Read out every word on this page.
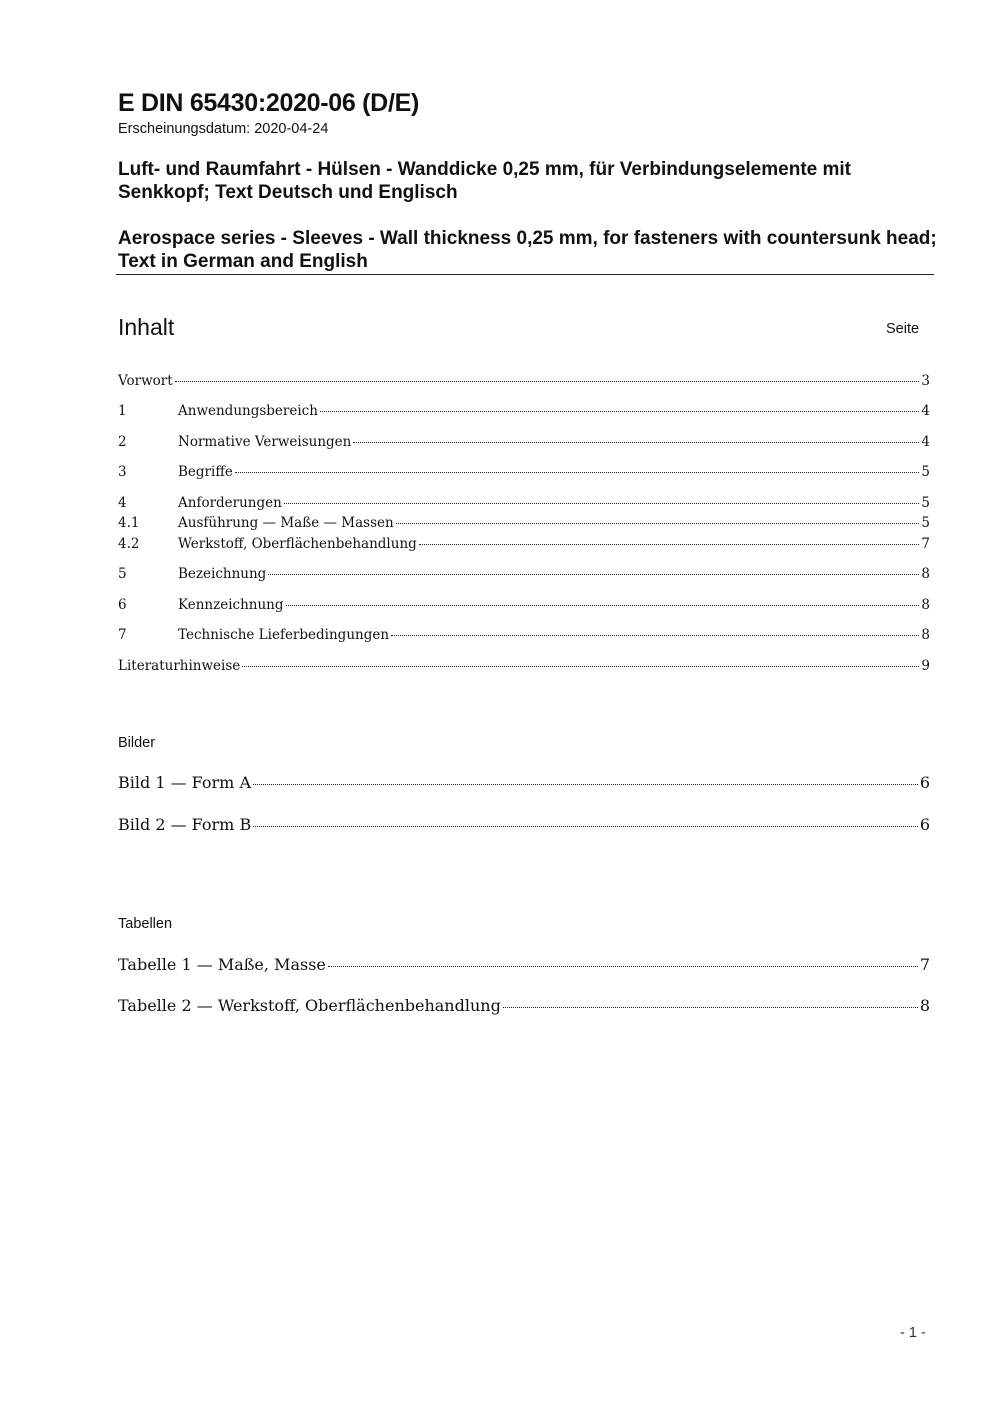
E DIN 65430:2020-06 (D/E)
Erscheinungsdatum: 2020-04-24
Luft- und Raumfahrt - Hülsen - Wanddicke 0,25 mm, für Verbindungselemente mit Senkkopf; Text Deutsch und Englisch
Aerospace series - Sleeves - Wall thickness 0,25 mm, for fasteners with countersunk head; Text in German and English
Inhalt	Seite
Vorwort	3
1	Anwendungsbereich	4
2	Normative Verweisungen	4
3	Begriffe	5
4	Anforderungen	5
4.1	Ausführung — Maße — Massen	5
4.2	Werkstoff, Oberflächenbehandlung	7
5	Bezeichnung	8
6	Kennzeichnung	8
7	Technische Lieferbedingungen	8
Literaturhinweise	9
Bilder
Bild 1 — Form A	6
Bild 2 — Form B	6
Tabellen
Tabelle 1 — Maße, Masse	7
Tabelle 2 — Werkstoff, Oberflächenbehandlung	8
- 1 -
